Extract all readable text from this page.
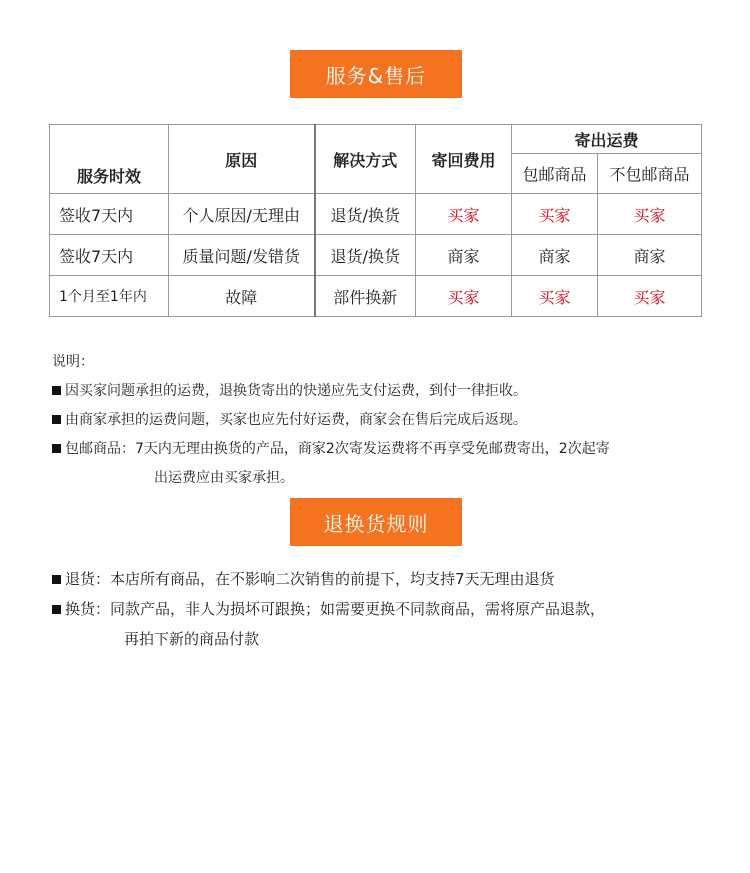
服务&售后
服务时效	原因	解决方式	寄回费用	寄出运费	
				包邮商品	不包邮商品
签收7天内	个人原因/无理由	退货/换货	买家	买家	买家
签收7天内	质量问题/发错货	退货/换货	商家	商家	商家
1个月至1年内	故障	部件换新	买家	买家	买家
说明：
因买家问题承担的运费，退换货寄出的快递应先支付运费，到付一律拒收。
由商家承担的运费问题，买家也应先付好运费，商家会在售后完成后返现。
包邮商品：7天内无理由换货的产品，商家2次寄发运费将不再享受免邮费寄出，2次起寄
出运费应由买家承担。
退换货规则
退货：本店所有商品，在不影响二次销售的前提下，均支持7天无理由退货
换货：同款产品，非人为损坏可跟换；如需要更换不同款商品，需将原产品退款，
再拍下新的商品付款
